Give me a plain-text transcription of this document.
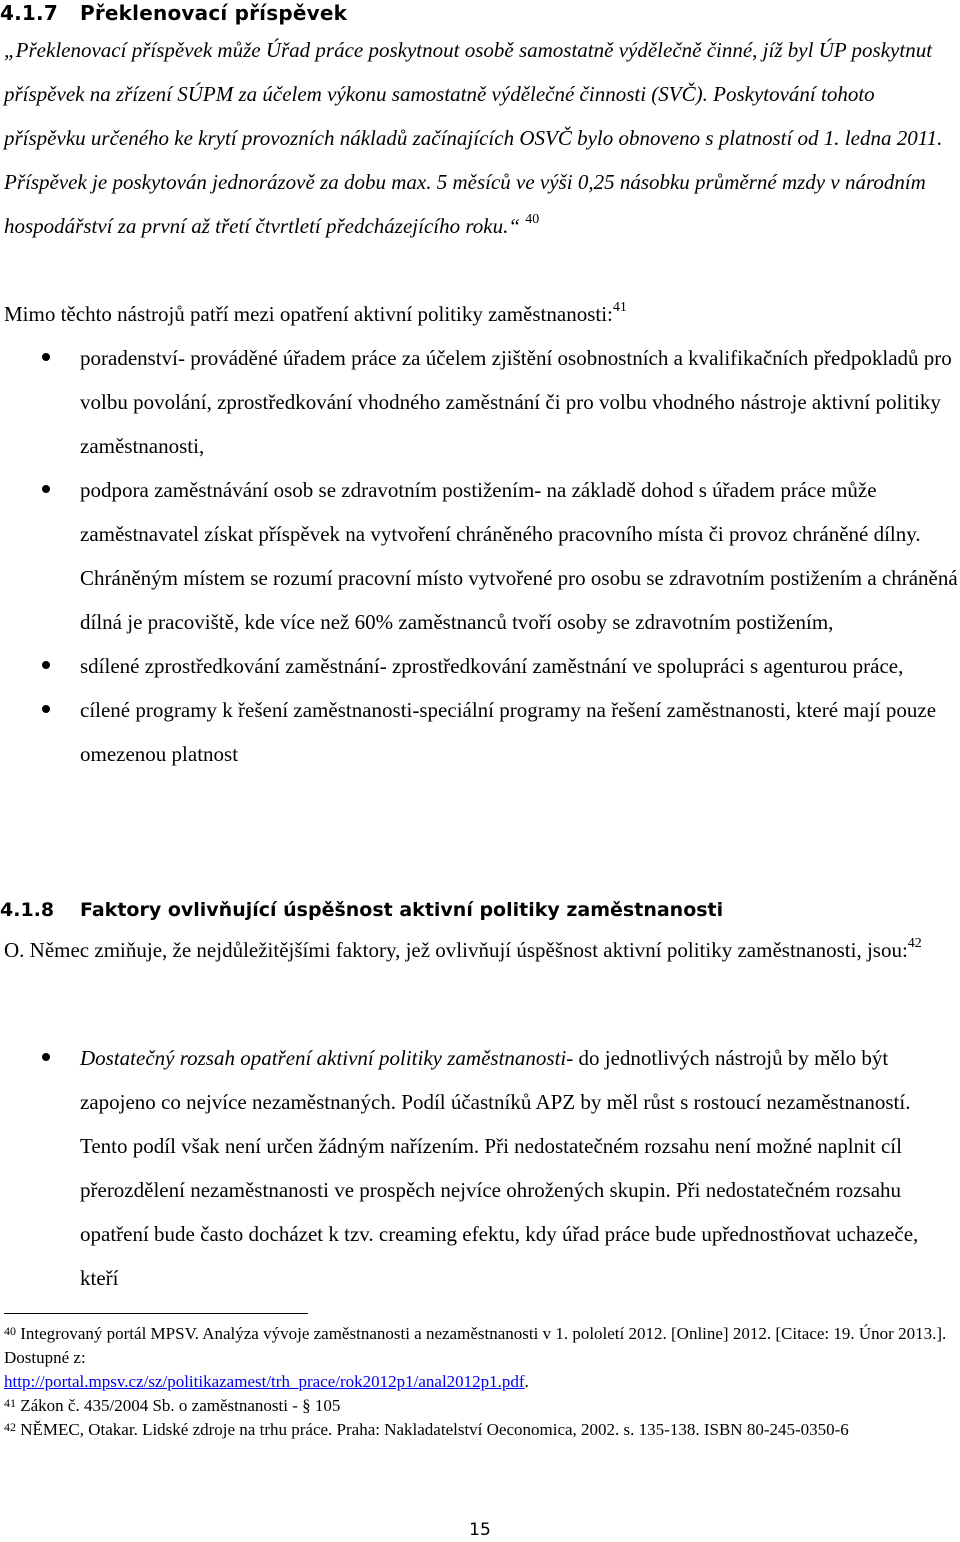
4.1.7 Překlenovací příspěvek

„Překlenovací příspěvek může Úřad práce poskytnout osobě samostatně výdělečně činné, jíž byl ÚP poskytnut příspěvek na zřízení SÚPM za účelem výkonu samostatně výdělečné činnosti (SVČ). Poskytování tohoto příspěvku určeného ke krytí provozních nákladů začínajících OSVČ bylo obnoveno s platností od 1. ledna 2011. Příspěvek je poskytován jednorázově za dobu max. 5 měsíců ve výši 0,25 násobku průměrné mzdy v národním hospodářství za první až třetí čtvrtletí předcházejícího roku.“ $^{40}$

Mimo těchto nástrojů patří mezi opatření aktivní politiky zaměstnanosti:$^{41}$

poradenství- prováděné úřadem práce za účelem zjištění osobnostních a kvalifikačních předpokladů pro volbu povolání, zprostředkování vhodného zaměstnání či pro volbu vhodného nástroje aktivní politiky zaměstnanosti,
podpora zaměstnávání osob se zdravotním postižením- na základě dohod s úřadem práce může zaměstnavatel získat příspěvek na vytvoření chráněného pracovního místa či provoz chráněné dílny. Chráněným místem se rozumí pracovní místo vytvořené pro osobu se zdravotním postižením a chráněná dílná je pracoviště, kde více než 60% zaměstnanců tvoří osoby se zdravotním postižením,
sdílené zprostředkování zaměstnání- zprostředkování zaměstnání ve spolupráci s agenturou práce,
cílené programy k řešení zaměstnanosti-speciální programy na řešení zaměstnanosti, které mají pouze omezenou platnost
4.1.8 Faktory ovlivňující úspěšnost aktivní politiky zaměstnanosti

O. Němec zmiňuje, že nejdůležitějšími faktory, jež ovlivňují úspěšnost aktivní politiky zaměstnanosti, jsou:$^{42}$

Dostatečný rozsah opatření aktivní politiky zaměstnanosti- do jednotlivých nástrojů by mělo být zapojeno co nejvíce nezaměstnaných. Podíl účastníků APZ by měl růst s rostoucí nezaměstnaností. Tento podíl však není určen žádným nařízením. Při nedostatečném rozsahu není možné naplnit cíl přerozdělení nezaměstnanosti ve prospěch nejvíce ohrožených skupin. Při nedostatečném rozsahu opatření bude často docházet k tzv. creaming efektu, kdy úřad práce bude upřednostňovat uchazeče, kteří

$^{40}$ Integrovaný portál MPSV. Analýza vývoje zaměstnanosti a nezaměstnanosti v 1. pololetí 2012. [Online] 2012. [Citace: 19. Únor 2013.]. Dostupné z:
http://portal.mpsv.cz/sz/politikazamest/trh_prace/rok2012p1/anal2012p1.pdf.

$^{41}$ Zákon č. 435/2004 Sb. o zaměstnanosti - § 105

$^{42}$ NĚMEC, Otakar. Lidské zdroje na trhu práce. Praha: Nakladatelství Oeconomica, 2002. s. 135-138. ISBN 80-245-0350-6

15
